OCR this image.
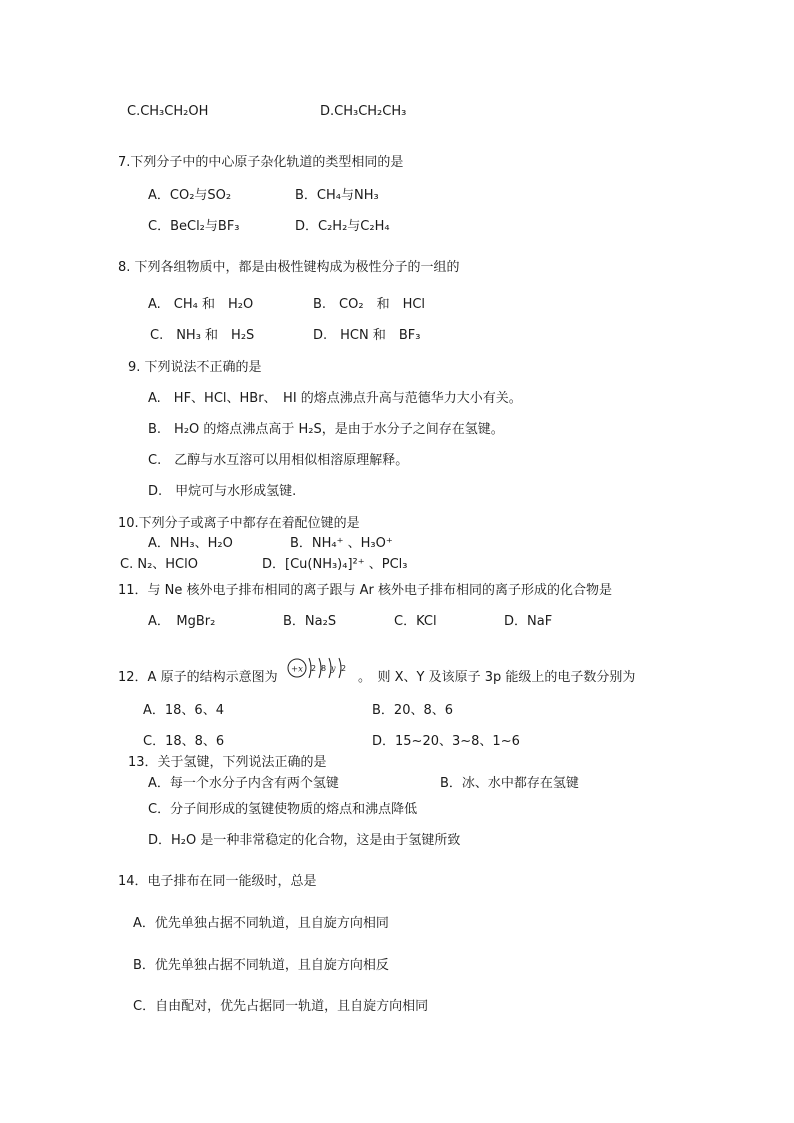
C.CH₃CH₂OH	D.CH₃CH₂CH₃
7.下列分子中的中心原子杂化轨道的类型相同的是
A．CO₂与SO₂	B．CH₄与NH₃
C．BeCl₂与BF₃	D．C₂H₂与C₂H₄
8. 下列各组物质中，都是由极性键构成为极性分子的一组的
A.　CH₄ 和　H₂O	B.　CO₂　和　HCl
C.　NH₃ 和　H₂S	D.　HCN 和　BF₃
9. 下列说法不正确的是
A.　HF、HCl、HBr、　HI 的熔点沸点升高与范德华力大小有关。
B.　H₂O 的熔点沸点高于 H₂S，是由于水分子之间存在氢键。
C.　乙醇与水互溶可以用相似相溶原理解释。
D.　甲烷可与水形成氢键.
10.下列分子或离子中都存在着配位键的是
A．NH₃、H₂O	B．NH₄⁺ 、H₃O⁺
C. N₂、HClO	D．[Cu(NH₃)₄]²⁺ 、PCl₃
11．与 Ne 核外电子排布相同的离子跟与 Ar 核外电子排布相同的离子形成的化合物是
A．　MgBr₂	B．Na₂S	C．KCl	D．NaF
12．A 原子的结构示意图为
+x 2 8 y 2
。　则 X、Y 及该原子 3p 能级上的电子数分别为
A．18、6、4	B．20、8、6
C．18、8、6	D．15~20、3~8、1~6
13．关于氢键，下列说法正确的是
A．每一个水分子内含有两个氢键	B．冰、水中都存在氢键
C．分子间形成的氢键使物质的熔点和沸点降低
D．H₂O 是一种非常稳定的化合物，这是由于氢键所致
14．电子排布在同一能级时，总是
A．优先单独占据不同轨道，且自旋方向相同
B．优先单独占据不同轨道，且自旋方向相反
C．自由配对，优先占据同一轨道，且自旋方向相同
